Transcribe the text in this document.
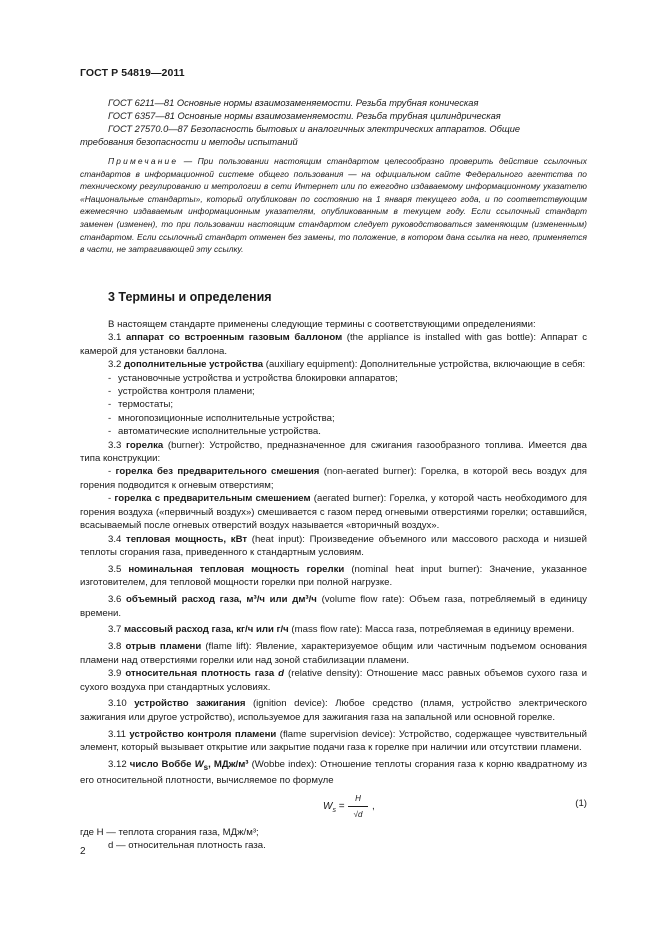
ГОСТ Р 54819—2011

ГОСТ 6211—81 Основные нормы взаимозаменяемости. Резьба трубная коническая

ГОСТ 6357—81 Основные нормы взаимозаменяемости. Резьба трубная цилиндрическая

ГОСТ 27570.0—87 Безопасность бытовых и аналогичных электрических аппаратов. Общие

требования безопасности и методы испытаний

Примечание — При пользовании настоящим стандартом целесообразно проверить действие ссылочных стандартов в информационной системе общего пользования — на официальном сайте Федерального агентства по техническому регулированию и метрологии в сети Интернет или по ежегодно издаваемому информационному указателю «Национальные стандарты», который опубликован по состоянию на 1 января текущего года, и по соответствующим ежемесячно издаваемым информационным указателям, опубликованным в текущем году. Если ссылочный стандарт заменен (изменен), то при пользовании настоящим стандартом следует руководствоваться заменяющим (измененным) стандартом. Если ссылочный стандарт отменен без замены, то положение, в котором дана ссылка на него, применяется в части, не затрагивающей эту ссылку.
3 Термины и определения

В настоящем стандарте применены следующие термины с соответствующими определениями:

3.1 аппарат со встроенным газовым баллоном (the appliance is installed with gas bottle): Аппарат с камерой для установки баллона.

3.2 дополнительные устройства (auxiliary equipment): Дополнительные устройства, включающие в себя:

- установочные устройства и устройства блокировки аппаратов;

- устройства контроля пламени;

- термостаты;

- многопозиционные исполнительные устройства;

- автоматические исполнительные устройства.

3.3 горелка (burner): Устройство, предназначенное для сжигания газообразного топлива. Имеется два типа конструкции:

- горелка без предварительного смешения (non-aerated burner): Горелка, в которой весь воздух для горения подводится к огневым отверстиям;

- горелка с предварительным смешением (aerated burner): Горелка, у которой часть необходимого для горения воздуха («первичный воздух») смешивается с газом перед огневыми отверстиями горелки; оставшийся, всасываемый после огневых отверстий воздух называется «вторичный воздух».

3.4 тепловая мощность, кВт (heat input): Произведение объемного или массового расхода и низшей теплоты сгорания газа, приведенного к стандартным условиям.

3.5 номинальная тепловая мощность горелки (nominal heat input burner): Значение, указанное изготовителем, для тепловой мощности горелки при полной нагрузке.

3.6 объемный расход газа, м³/ч или дм³/ч (volume flow rate): Объем газа, потребляемый в единицу времени.

3.7 массовый расход газа, кг/ч или г/ч (mass flow rate): Масса газа, потребляемая в единицу времени.

3.8 отрыв пламени (flame lift): Явление, характеризуемое общим или частичным подъемом основания пламени над отверстиями горелки или над зоной стабилизации пламени.

3.9 относительная плотность газа d (relative density): Отношение масс равных объемов сухого газа и сухого воздуха при стандартных условиях.

3.10 устройство зажигания (ignition device): Любое средство (пламя, устройство электрического зажигания или другое устройство), используемое для зажигания газа на запальной или основной горелке.

3.11 устройство контроля пламени (flame supervision device): Устройство, содержащее чувствительный элемент, который вызывает открытие или закрытие подачи газа к горелке при наличии или отсутствии пламени.

3.12 число Воббе $W_s$, МДж/м³ (Wobbe index): Отношение теплоты сгорания газа к корню квадратному из его относительной плотности, вычисляемое по формуле

$W_s = \frac{H}{√d}$ ,	(1)

где H — теплота сгорания газа, МДж/м³;

d — относительная плотность газа.

2
